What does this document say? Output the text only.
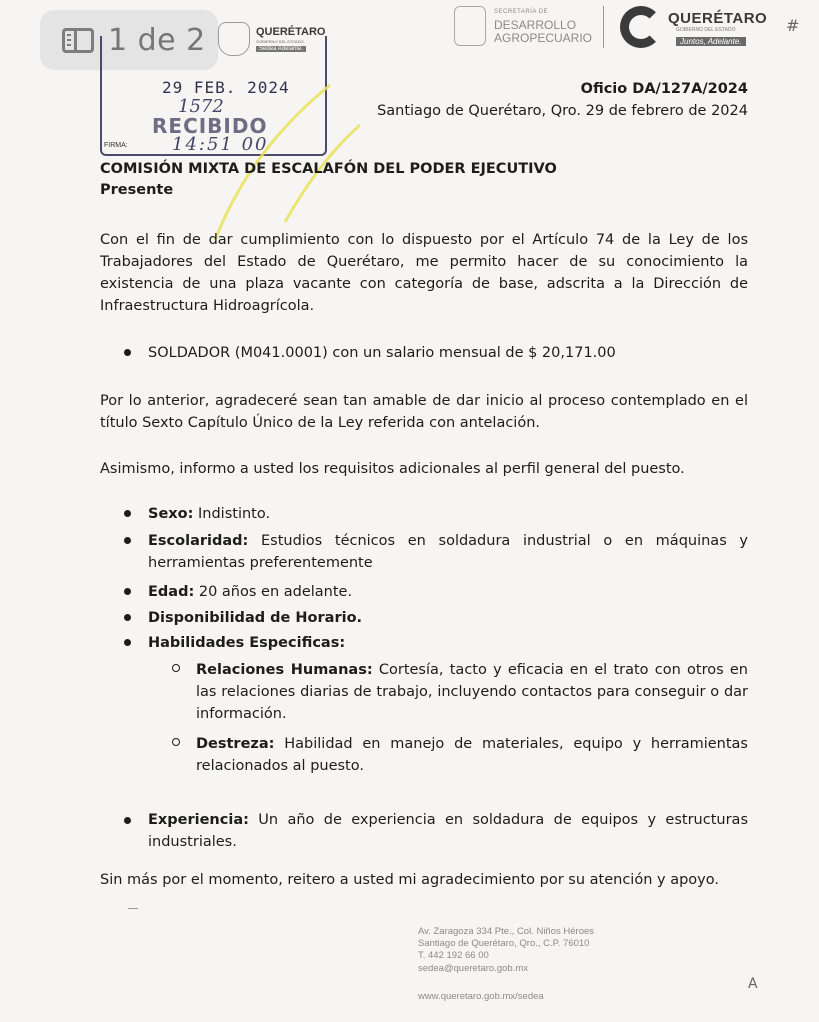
1 de 2	QUERÉTARO
GOBIERNO DEL ESTADO
Sedea Adelante.
SECRETARÍA DE
DESARROLLO
AGROPECUARIO
QUERÉTARO
GOBIERNO DEL ESTADO
Juntos, Adelante.
#
29 FEB. 2024
1572
RECIBIDO
FIRMA: 14:51 00
Oficio DA/127A/2024
Santiago de Querétaro, Qro. 29 de febrero de 2024
COMISIÓN MIXTA DE ESCALAFÓN DEL PODER EJECUTIVO
Presente
Con el fin de dar cumplimiento con lo dispuesto por el Artículo 74 de la Ley de los Trabajadores del Estado de Querétaro, me permito hacer de su conocimiento la existencia de una plaza vacante con categoría de base, adscrita a la Dirección de Infraestructura Hidroagrícola.
SOLDADOR (M041.0001) con un salario mensual de $ 20,171.00
Por lo anterior, agradeceré sean tan amable de dar inicio al proceso contemplado en el título Sexto Capítulo Único de la Ley referida con antelación.
Asimismo, informo a usted los requisitos adicionales al perfil general del puesto.
Sexo: Indistinto.
Escolaridad: Estudios técnicos en soldadura industrial o en máquinas y herramientas preferentemente
Edad: 20 años en adelante.
Disponibilidad de Horario.
Habilidades Especificas:
Relaciones Humanas: Cortesía, tacto y eficacia en el trato con otros en las relaciones diarias de trabajo, incluyendo contactos para conseguir o dar información.
Destreza: Habilidad en manejo de materiales, equipo y herramientas relacionados al puesto.
Experiencia: Un año de experiencia en soldadura de equipos y estructuras industriales.
Sin más por el momento, reitero a usted mi agradecimiento por su atención y apoyo.
Av. Zaragoza 334 Pte., Col. Niños Héroes
Santiago de Querétaro, Qro., C.P. 76010
T. 442 192 66 00
sedea@queretaro.gob.mx
www.queretaro.gob.mx/sedea
A
